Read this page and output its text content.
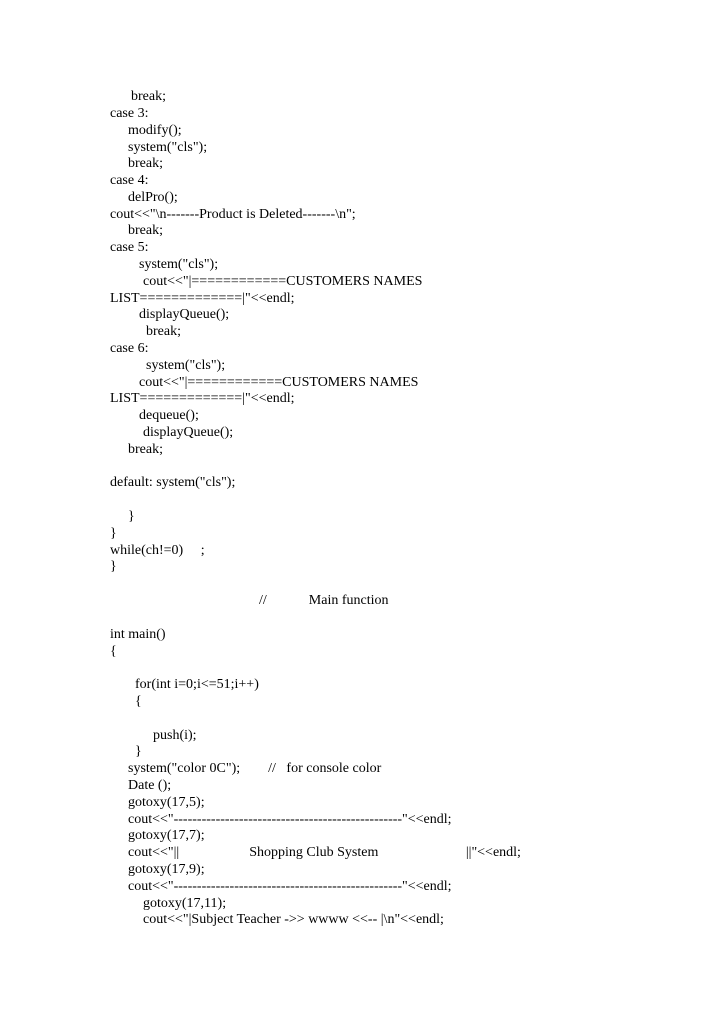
break;
case 3:
modify();
system("cls");
break;
case 4:
delPro();
cout<<"\n-------Product is Deleted-------\n";
break;
case 5:
system("cls");
cout<<"|============CUSTOMERS NAMES
LIST=============|"<<endl;
displayQueue();
break;
case 6:
system("cls");
cout<<"|============CUSTOMERS NAMES
LIST=============|"<<endl;
dequeue();
displayQueue();
break;
default: system("cls");
}
}
while(ch!=0)     ;
}
//            Main function
int main()
{
for(int i=0;i<=51;i++)
{
push(i);
}
system("color 0C");        //   for console color
Date ();
gotoxy(17,5);
cout<<"-------------------------------------------------"<<endl;
gotoxy(17,7);
cout<<"||                    Shopping Club System                         ||"<<endl;
gotoxy(17,9);
cout<<"-------------------------------------------------"<<endl;
gotoxy(17,11);
cout<<"|Subject Teacher ->> wwww <<-- |\n"<<endl;
